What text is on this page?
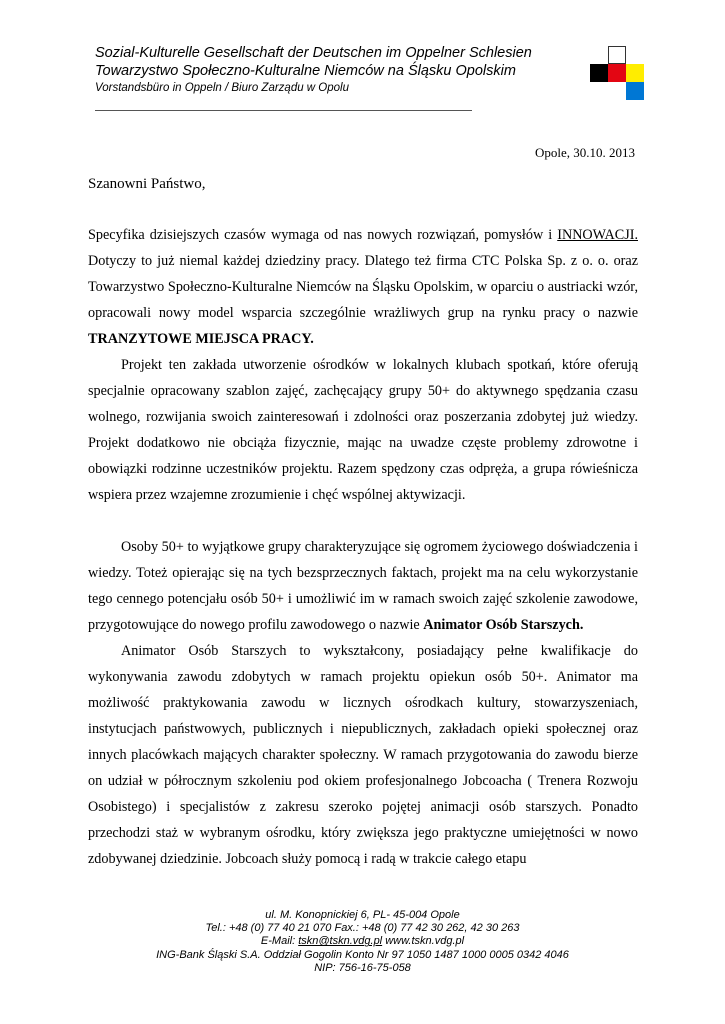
Sozial-Kulturelle Gesellschaft der Deutschen im Oppelner Schlesien
Towarzystwo Społeczno-Kulturalne Niemców na Śląsku Opolskim
Vorstandsbüro in Oppeln / Biuro Zarządu w Opolu
Opole, 30.10. 2013
Szanowni Państwo,

Specyfika dzisiejszych czasów wymaga od nas nowych rozwiązań, pomysłów i INNOWACJI. Dotyczy to już niemal każdej dziedziny pracy. Dlatego też firma CTC Polska Sp. z o. o. oraz Towarzystwo Społeczno-Kulturalne Niemców na Śląsku Opolskim, w oparciu o austriacki wzór, opracowali nowy model wsparcia szczególnie wrażliwych grup na rynku pracy o nazwie TRANZYTOWE MIEJSCA PRACY.

Projekt ten zakłada utworzenie ośrodków w lokalnych klubach spotkań, które oferują specjalnie opracowany szablon zajęć, zachęcający grupy 50+ do aktywnego spędzania czasu wolnego, rozwijania swoich zainteresowań i zdolności oraz poszerzania zdobytej już wiedzy. Projekt dodatkowo nie obciąża fizycznie, mając na uwadze częste problemy zdrowotne i obowiązki rodzinne uczestników projektu. Razem spędzony czas odpręża, a grupa rówieśnicza wspiera przez wzajemne zrozumienie i chęć wspólnej aktywizacji.

Osoby 50+ to wyjątkowe grupy charakteryzujące się ogromem życiowego doświadczenia i wiedzy. Toteż opierając się na tych bezsprzecznych faktach, projekt ma na celu wykorzystanie tego cennego potencjału osób 50+ i umożliwić im w ramach swoich zajęć szkolenie zawodowe, przygotowujące do nowego profilu zawodowego o nazwie Animator Osób Starszych.

Animator Osób Starszych to wykształcony, posiadający pełne kwalifikacje do wykonywania zawodu zdobytych w ramach projektu opiekun osób 50+. Animator ma możliwość praktykowania zawodu w licznych ośrodkach kultury, stowarzyszeniach, instytucjach państwowych, publicznych i niepublicznych, zakładach opieki społecznej oraz innych placówkach mających charakter społeczny. W ramach przygotowania do zawodu bierze on udział w półrocznym szkoleniu pod okiem profesjonalnego Jobcoacha ( Trenera Rozwoju Osobistego) i specjalistów z zakresu szeroko pojętej animacji osób starszych. Ponadto przechodzi staż w wybranym ośrodku, który zwiększa jego praktyczne umiejętności w nowo zdobywanej dziedzinie. Jobcoach służy pomocą i radą w trakcie całego etapu

ul. M. Konopnickiej 6, PL- 45-004 Opole
Tel.: +48 (0) 77 40 21 070 Fax.: +48 (0) 77 42 30 262, 42 30 263
E-Mail: tskn@tskn.vdg.pl www.tskn.vdg.pl
ING-Bank Śląski S.A. Oddział Gogolin Konto Nr 97 1050 1487 1000 0005 0342 4046
NIP: 756-16-75-058
